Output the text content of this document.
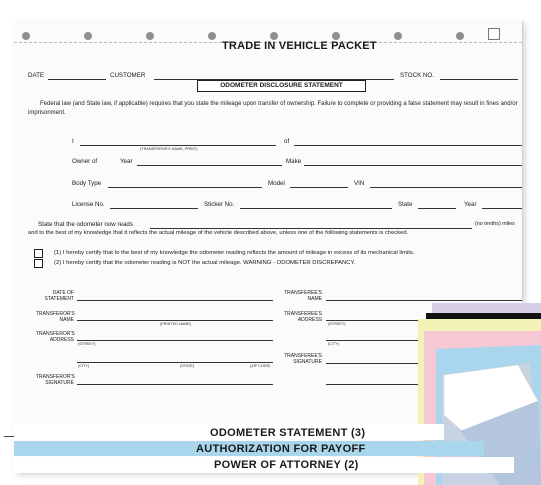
TRADE IN VEHICLE PACKET
DATE	CUSTOMER	STOCK NO.
ODOMETER DISCLOSURE STATEMENT
Federal law (and State law, if applicable) requires that you state the mileage upon transfer of ownership. Failure to complete or providing a false statement may result in fines and/or imprisonment.
I
(TRANSFEROR'S NAME, PRINT)
of
Owner of	Year	Make
Body Type	Model	VIN
License No.	Sticker No.	State	Year
State that the odometer now reads	(no tenths) miles
and to the best of my knowledge that it reflects the actual mileage of the vehicle described above, unless one of the following statements is checked.
(1) I hereby certify that to the best of my knowledge the odometer reading reflects the amount of mileage in excess of its mechanical limits.
(2) I hereby certify that the odometer reading is NOT the actual mileage. WARNING - ODOMETER DISCREPANCY.
DATE OF
STATEMENT
TRANSFEROR'S
NAME
(PRINTED NAME)
TRANSFEROR'S
ADDRESS
(STREET)
(CITY)	(STATE)	(ZIP CODE)
TRANSFEROR'S
SIGNATURE
TRANSFEREE'S
NAME
TRANSFEREE'S
ADDRESS
(STREET)
(CITY)
TRANSFEREE'S
SIGNATURE
ODOMETER STATEMENT (3)
AUTHORIZATION FOR PAYOFF
POWER OF ATTORNEY (2)
